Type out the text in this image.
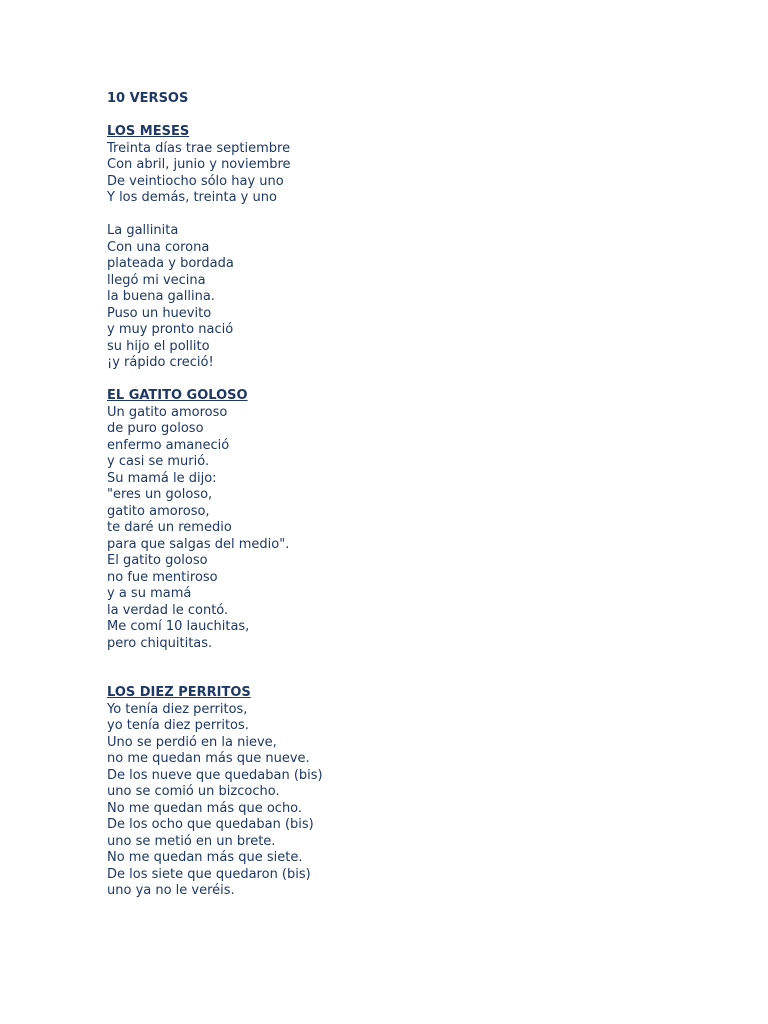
10 VERSOS

LOS MESES

Treinta días trae septiembre

Con abril, junio y noviembre

De veintiocho sólo hay uno

Y los demás, treinta y uno

La gallinita

Con una corona

plateada y bordada

llegó mi vecina

la buena gallina.

Puso un huevito

y muy pronto nació

su hijo el pollito

¡y rápido creció!

EL GATITO GOLOSO

Un gatito amoroso

de puro goloso

enfermo amaneció

y casi se murió.

Su mamá le dijo:

"eres un goloso,

gatito amoroso,

te daré un remedio

para que salgas del medio".

El gatito goloso

no fue mentiroso

y a su mamá

la verdad le contó.

Me comí 10 lauchitas,

pero chiquititas.

LOS DIEZ PERRITOS

Yo tenía diez perritos,

yo tenía diez perritos.

Uno se perdió en la nieve,

no me quedan más que nueve.

De los nueve que quedaban (bis)

uno se comió un bizcocho.

No me quedan más que ocho.

De los ocho que quedaban (bis)

uno se metió en un brete.

No me quedan más que siete.

De los siete que quedaron (bis)

uno ya no le veréis.
